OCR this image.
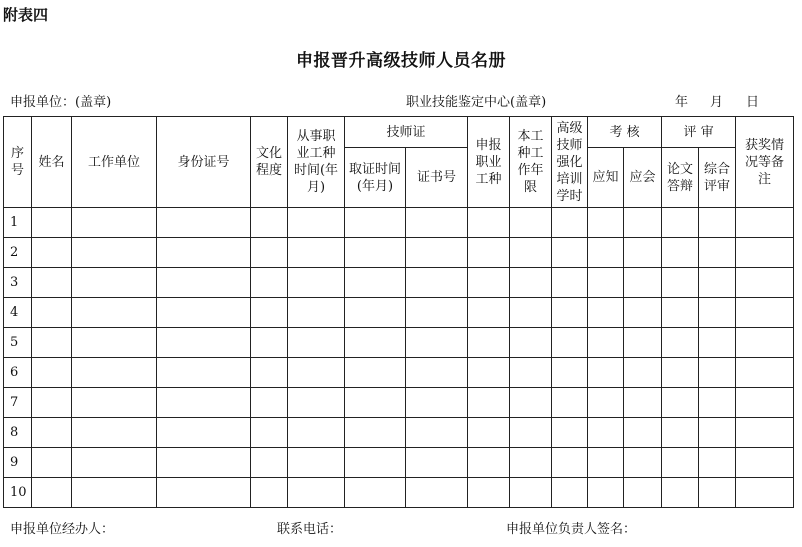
附表四
申报晋升高级技师人员名册
申报单位：(盖章)	职业技能鉴定中心(盖章)	年 月 日
序号	姓名	工作单位	身份证号	文化程度	从事职业工种时间(年月)	技师证		申报职业工种	本工种工作年限	高级技师强化培训学时	考 核		评 审		获奖情况等备注

						取证时间(年月)	证书号				应知	应会	论文答辩	综合评审	

1															
2															
3															
4															
5															
6															
7															
8															
9															
10															
申报单位经办人：	联系电话：	申报单位负责人签名：
